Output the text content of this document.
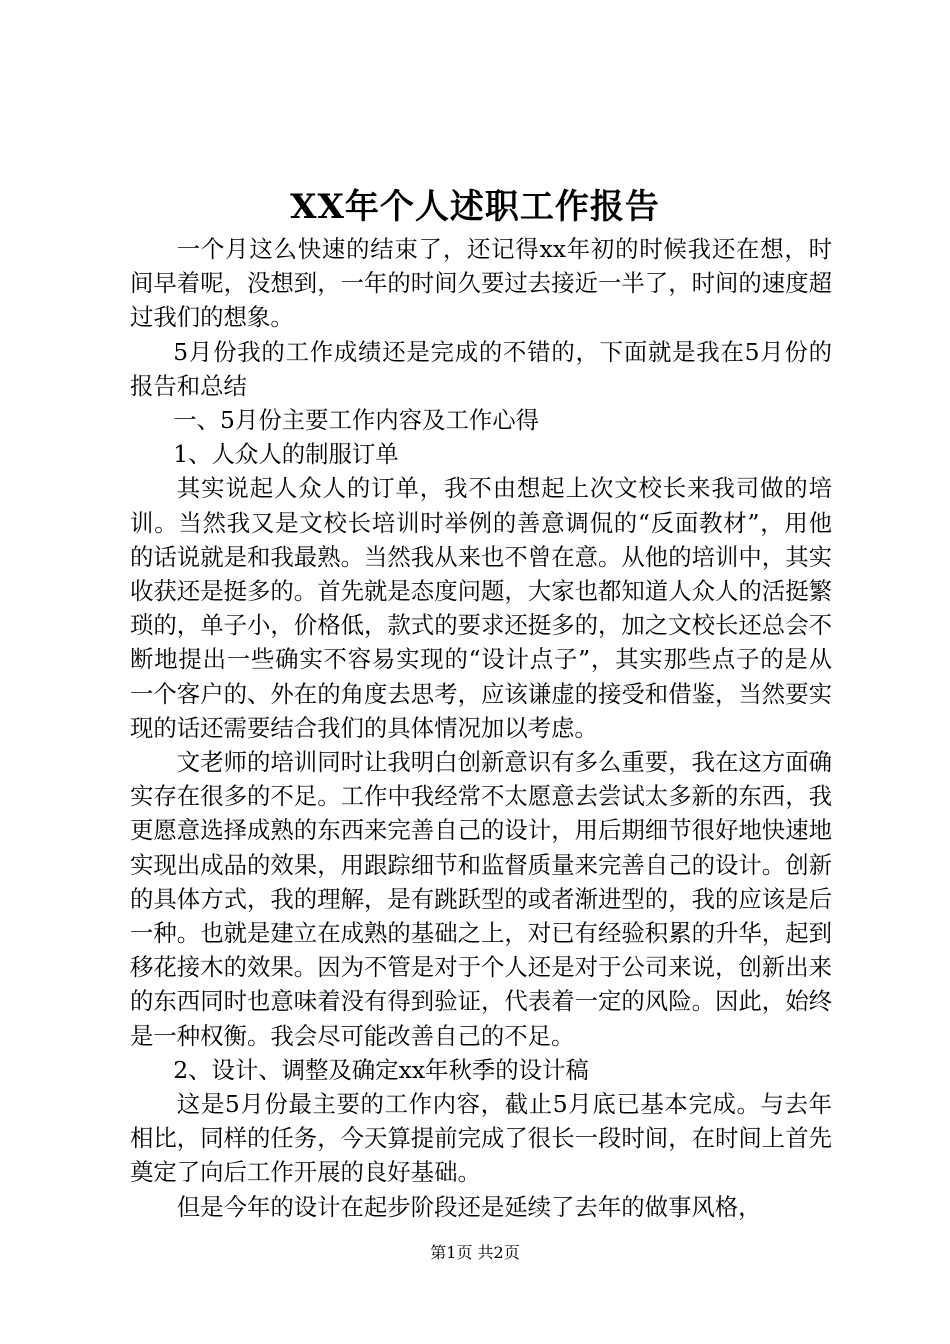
XX年个人述职工作报告

一个月这么快速的结束了，还记得xx年初的时候我还在想，时间早着呢，没想到，一年的时间久要过去接近一半了，时间的速度超过我们的想象。

5月份我的工作成绩还是完成的不错的，下面就是我在5月份的报告和总结

一、5月份主要工作内容及工作心得

1、人众人的制服订单

其实说起人众人的订单，我不由想起上次文校长来我司做的培训。当然我又是文校长培训时举例的善意调侃的“反面教材”，用他的话说就是和我最熟。当然我从来也不曾在意。从他的培训中，其实收获还是挺多的。首先就是态度问题，大家也都知道人众人的活挺繁琐的，单子小，价格低，款式的要求还挺多的，加之文校长还总会不断地提出一些确实不容易实现的“设计点子”，其实那些点子的是从一个客户的、外在的角度去思考，应该谦虚的接受和借鉴，当然要实现的话还需要结合我们的具体情况加以考虑。

文老师的培训同时让我明白创新意识有多么重要，我在这方面确实存在很多的不足。工作中我经常不太愿意去尝试太多新的东西，我更愿意选择成熟的东西来完善自己的设计，用后期细节很好地快速地实现出成品的效果，用跟踪细节和监督质量来完善自己的设计。创新的具体方式，我的理解，是有跳跃型的或者渐进型的，我的应该是后一种。也就是建立在成熟的基础之上，对已有经验积累的升华，起到移花接木的效果。因为不管是对于个人还是对于公司来说，创新出来的东西同时也意味着没有得到验证，代表着一定的风险。因此，始终是一种权衡。我会尽可能改善自己的不足。

2、设计、调整及确定xx年秋季的设计稿

这是5月份最主要的工作内容，截止5月底已基本完成。与去年相比，同样的任务，今天算提前完成了很长一段时间，在时间上首先奠定了向后工作开展的良好基础。

但是今年的设计在起步阶段还是延续了去年的做事风格，

第1页 共2页
